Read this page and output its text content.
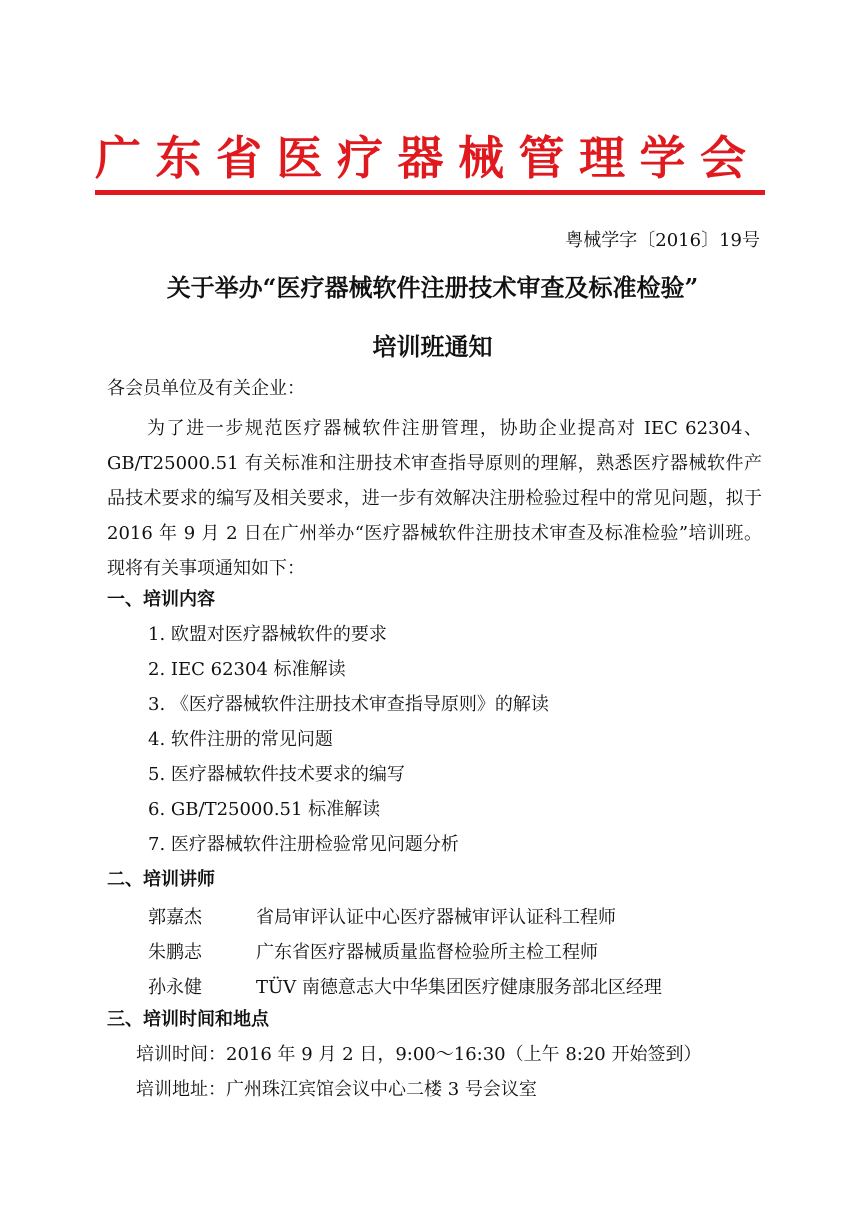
广东省医疗器械管理学会
粤械学字〔2016〕19号
关于举办“医疗器械软件注册技术审查及标准检验”
培训班通知
各会员单位及有关企业：
为了进一步规范医疗器械软件注册管理，协助企业提高对 IEC 62304、GB/T25000.51 有关标准和注册技术审查指导原则的理解，熟悉医疗器械软件产品技术要求的编写及相关要求，进一步有效解决注册检验过程中的常见问题，拟于 2016 年 9 月 2 日在广州举办“医疗器械软件注册技术审查及标准检验”培训班。现将有关事项通知如下：
一、培训内容
1. 欧盟对医疗器械软件的要求
2. IEC 62304 标准解读
3. 《医疗器械软件注册技术审查指导原则》的解读
4. 软件注册的常见问题
5. 医疗器械软件技术要求的编写
6. GB/T25000.51 标准解读
7. 医疗器械软件注册检验常见问题分析
二、培训讲师
郭嘉杰	省局审评认证中心医疗器械审评认证科工程师
朱鹏志	广东省医疗器械质量监督检验所主检工程师
孙永健	TÜV 南德意志大中华集团医疗健康服务部北区经理
三、培训时间和地点
培训时间：2016 年 9 月 2 日，9:00～16:30（上午 8:20 开始签到）
培训地址：广州珠江宾馆会议中心二楼 3 号会议室
